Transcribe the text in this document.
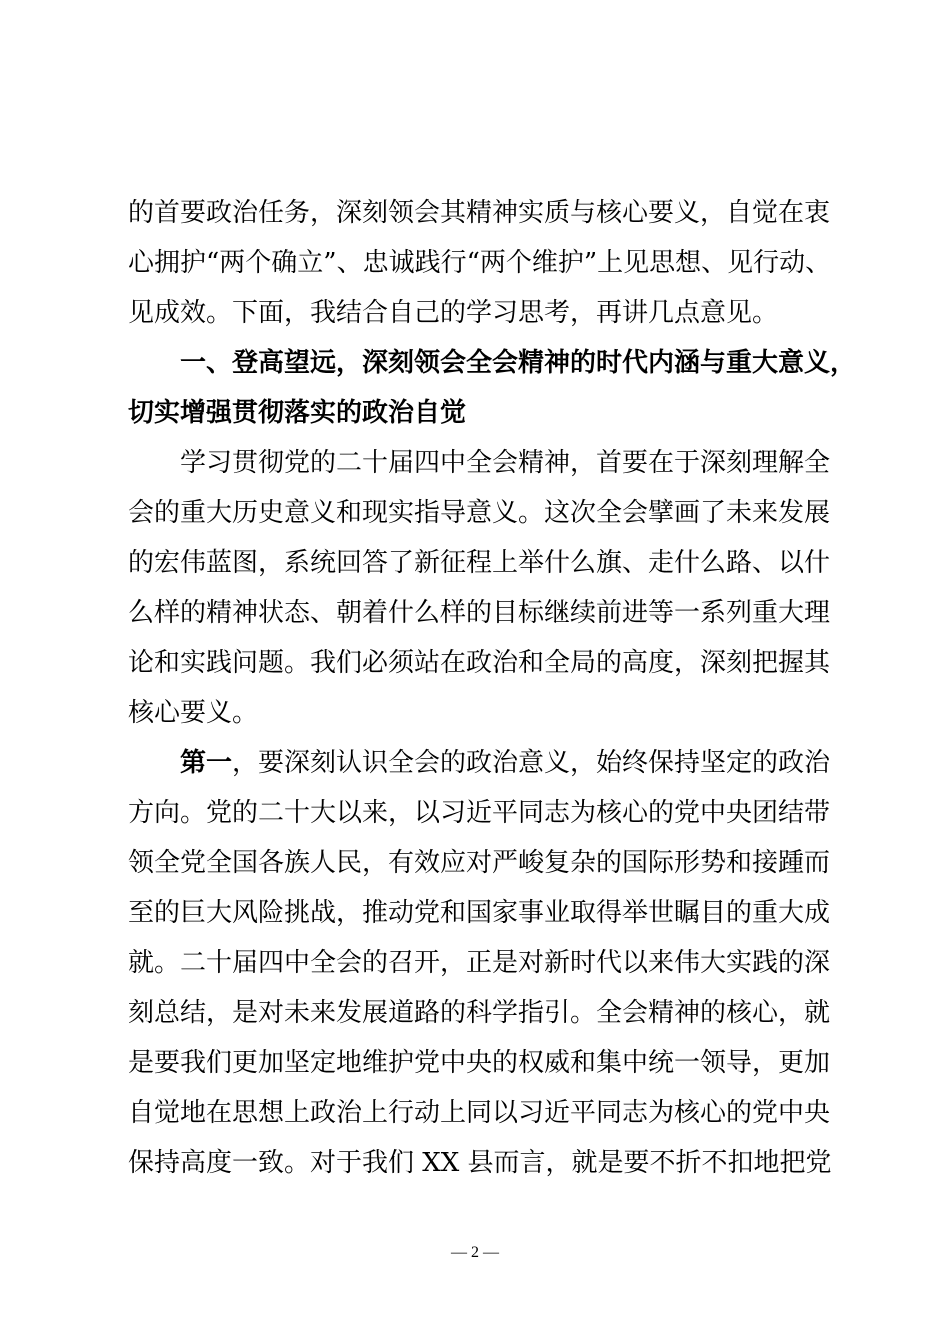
的首要政治任务，深刻领会其精神实质与核心要义，自觉在衷
心拥护“两个确立”、忠诚践行“两个维护”上见思想、见行动、
见成效。下面，我结合自己的学习思考，再讲几点意见。
一、登高望远，深刻领会全会精神的时代内涵与重大意义，
切实增强贯彻落实的政治自觉
学习贯彻党的二十届四中全会精神，首要在于深刻理解全
会的重大历史意义和现实指导意义。这次全会擘画了未来发展
的宏伟蓝图，系统回答了新征程上举什么旗、走什么路、以什
么样的精神状态、朝着什么样的目标继续前进等一系列重大理
论和实践问题。我们必须站在政治和全局的高度，深刻把握其
核心要义。
第一，要深刻认识全会的政治意义，始终保持坚定的政治
方向。党的二十大以来，以习近平同志为核心的党中央团结带
领全党全国各族人民，有效应对严峻复杂的国际形势和接踵而
至的巨大风险挑战，推动党和国家事业取得举世瞩目的重大成
就。二十届四中全会的召开，正是对新时代以来伟大实践的深
刻总结，是对未来发展道路的科学指引。全会精神的核心，就
是要我们更加坚定地维护党中央的权威和集中统一领导，更加
自觉地在思想上政治上行动上同以习近平同志为核心的党中央
保持高度一致。对于我们 XX 县而言，就是要不折不扣地把党
— 2 —
